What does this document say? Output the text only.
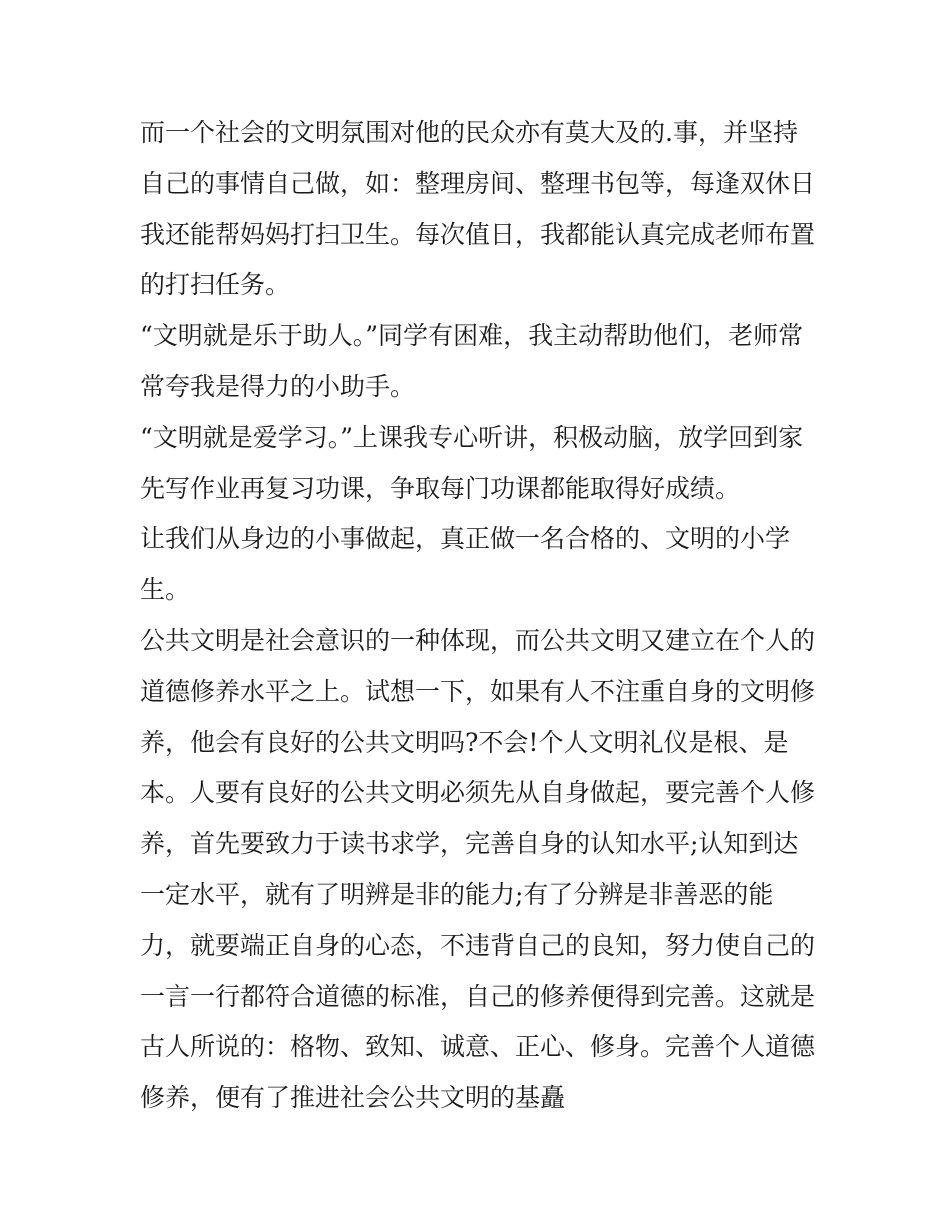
而一个社会的文明氛围对他的民众亦有莫大及的.事，并坚持
自己的事情自己做，如：整理房间、整理书包等，每逢双休日
我还能帮妈妈打扫卫生。每次值日，我都能认真完成老师布置
的打扫任务。
“文明就是乐于助人。”同学有困难，我主动帮助他们，老师常
常夸我是得力的小助手。
“文明就是爱学习。”上课我专心听讲，积极动脑，放学回到家
先写作业再复习功课，争取每门功课都能取得好成绩。
让我们从身边的小事做起，真正做一名合格的、文明的小学
生。
公共文明是社会意识的一种体现，而公共文明又建立在个人的
道德修养水平之上。试想一下，如果有人不注重自身的文明修
养，他会有良好的公共文明吗?不会!个人文明礼仪是根、是
本。人要有良好的公共文明必须先从自身做起，要完善个人修
养，首先要致力于读书求学，完善自身的认知水平;认知到达
一定水平，就有了明辨是非的能力;有了分辨是非善恶的能
力，就要端正自身的心态，不违背自己的良知，努力使自己的
一言一行都符合道德的标准，自己的修养便得到完善。这就是
古人所说的：格物、致知、诚意、正心、修身。完善个人道德
修养，便有了推进社会公共文明的基矗
